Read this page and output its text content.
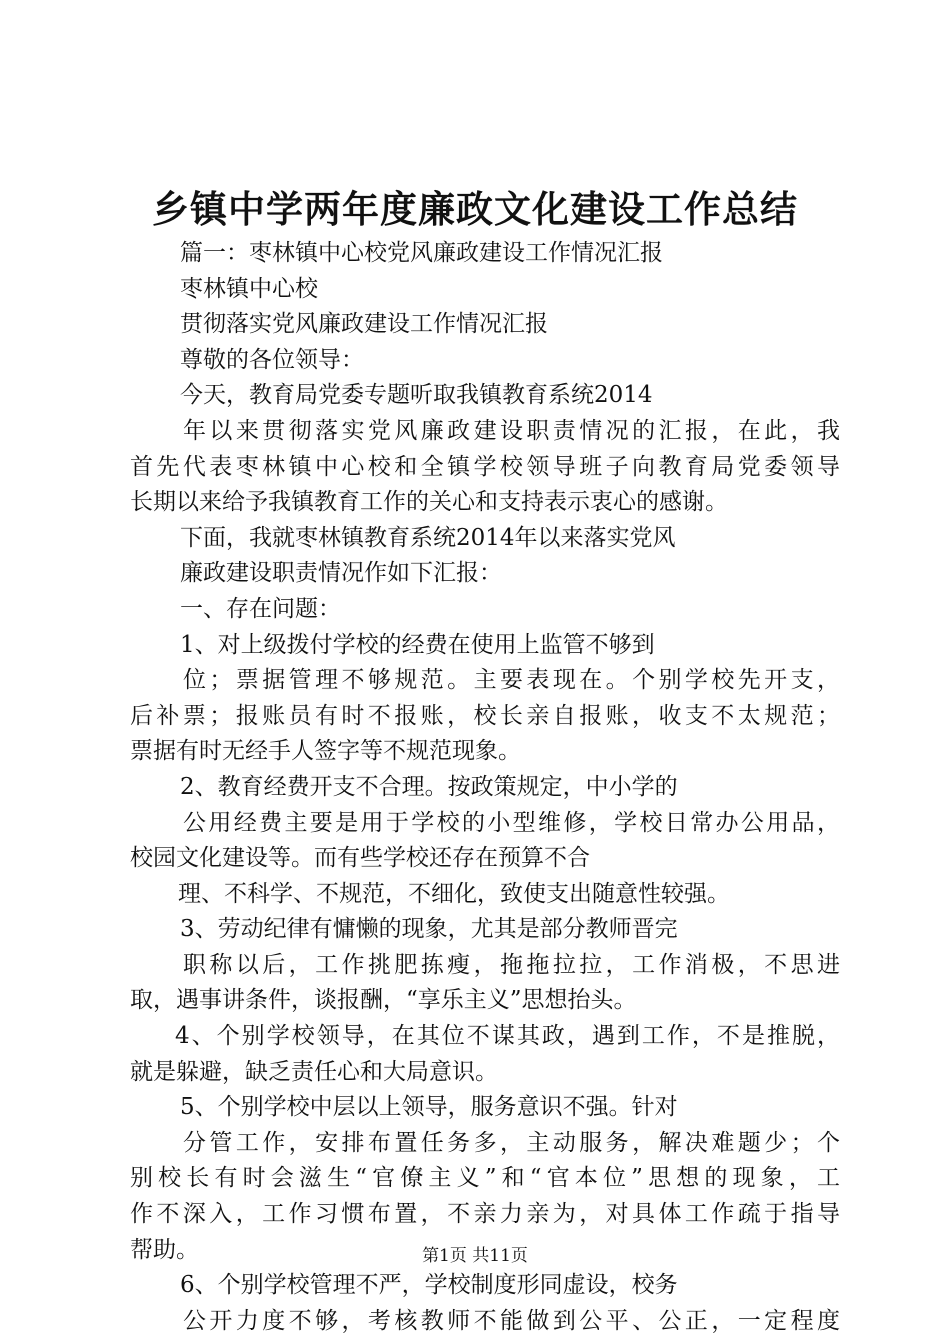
乡镇中学两年度廉政文化建设工作总结
篇一：枣林镇中心校党风廉政建设工作情况汇报
枣林镇中心校
贯彻落实党风廉政建设工作情况汇报
尊敬的各位领导：
今天，教育局党委专题听取我镇教育系统2014
年以来贯彻落实党风廉政建设职责情况的汇报，在此，我
首先代表枣林镇中心校和全镇学校领导班子向教育局党委领导
长期以来给予我镇教育工作的关心和支持表示衷心的感谢。
下面，我就枣林镇教育系统2014年以来落实党风
廉政建设职责情况作如下汇报：
一、存在问题：
1、对上级拨付学校的经费在使用上监管不够到
位；票据管理不够规范。主要表现在。个别学校先开支，
后补票；报账员有时不报账，校长亲自报账，收支不太规范；
票据有时无经手人签字等不规范现象。
2、教育经费开支不合理。按政策规定，中小学的
公用经费主要是用于学校的小型维修，学校日常办公用品，
校园文化建设等。而有些学校还存在预算不合
理、不科学、不规范，不细化，致使支出随意性较强。
3、劳动纪律有慵懒的现象，尤其是部分教师晋完
职称以后，工作挑肥拣瘦，拖拖拉拉，工作消极，不思进
取，遇事讲条件，谈报酬，“享乐主义”思想抬头。
4、个别学校领导，在其位不谋其政，遇到工作，不是推脱，
就是躲避，缺乏责任心和大局意识。
5、个别学校中层以上领导，服务意识不强。针对
分管工作，安排布置任务多，主动服务，解决难题少；个
别校长有时会滋生“官僚主义”和“官本位”思想的现象，工
作不深入，工作习惯布置，不亲力亲为，对具体工作疏于指导
帮助。
6、个别学校管理不严，学校制度形同虚设，校务
公开力度不够，考核教师不能做到公平、公正，一定程度
第1页 共11页
